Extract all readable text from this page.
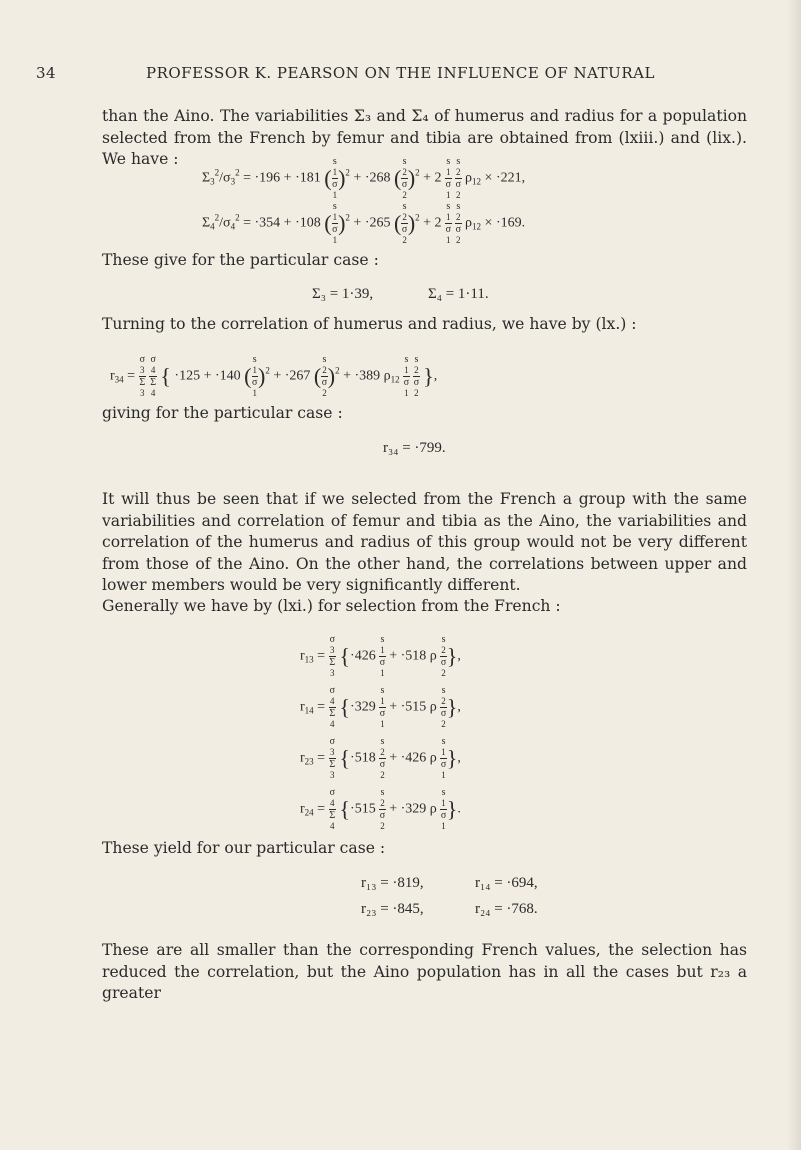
34	PROFESSOR K. PEARSON ON THE INFLUENCE OF NATURAL
than the Aino. The variabilities Σ₃ and Σ₄ of humerus and radius for a population selected from the French by femur and tibia are obtained from (lxiii.) and (lix.). We have :
$\Sigma_3^2/\sigma_3^2 = \cdot 196 + \cdot 181$ ( s
1
σ
1 )$^2$ + ·268 ( s
2
σ
2 )$^2$ + 2 s
1
σ
1
s
2
σ
2 $\rho_{12} \times \cdot 221$,
$\Sigma_4^2/\sigma_4^2 = \cdot 354 + \cdot 108$ ( s
1
σ
1 )$^2$ + ·265 ( s
2
σ
2 )$^2$ + 2 s
1
σ
1
s
2
σ
2 $\rho_{12} \times \cdot 169$.
These give for the particular case :
Σ₃ = 1·39,	Σ₄ = 1·11.
Turning to the correlation of humerus and radius, we have by (lx.) :
$r_{34} = \sigma$
3
Σ
3
σ
4
Σ
4 { ·125 + ·140 ( s
1
σ
1 )$^2$ + ·267 ( s
2
σ
2 )$^2$ + ·389 $\rho_{12}$ s
1
σ
1
s
2
σ
2 },
giving for the particular case :
r₃₄ = ·799.
It will thus be seen that if we selected from the French a group with the same variabilities and correlation of femur and tibia as the Aino, the variabilities and correlation of the humerus and radius of this group would not be very different from those of the Aino. On the other hand, the correlations between upper and lower members would be very significantly different.
Generally we have by (lxi.) for selection from the French :
$r_{13} = \sigma$
3
Σ
3 {·426 s
1
σ
1 + ·518 ρ s
2
σ
2 },
$r_{14} = \sigma$
4
Σ
4 {·329 s
1
σ
1 + ·515 ρ s
2
σ
2 },
$r_{23} = \sigma$
3
Σ
3 {·518 s
2
σ
2 + ·426 ρ s
1
σ
1 },
$r_{24} = \sigma$
4
Σ
4 {·515 s
2
σ
2 + ·329 ρ s
1
σ
1 }.
These yield for our particular case :
r₁₃ = ·819,	r₁₄ = ·694,
r₂₃ = ·845,	r₂₄ = ·768.
These are all smaller than the corresponding French values, the selection has reduced the correlation, but the Aino population has in all the cases but r₂₃ a greater
